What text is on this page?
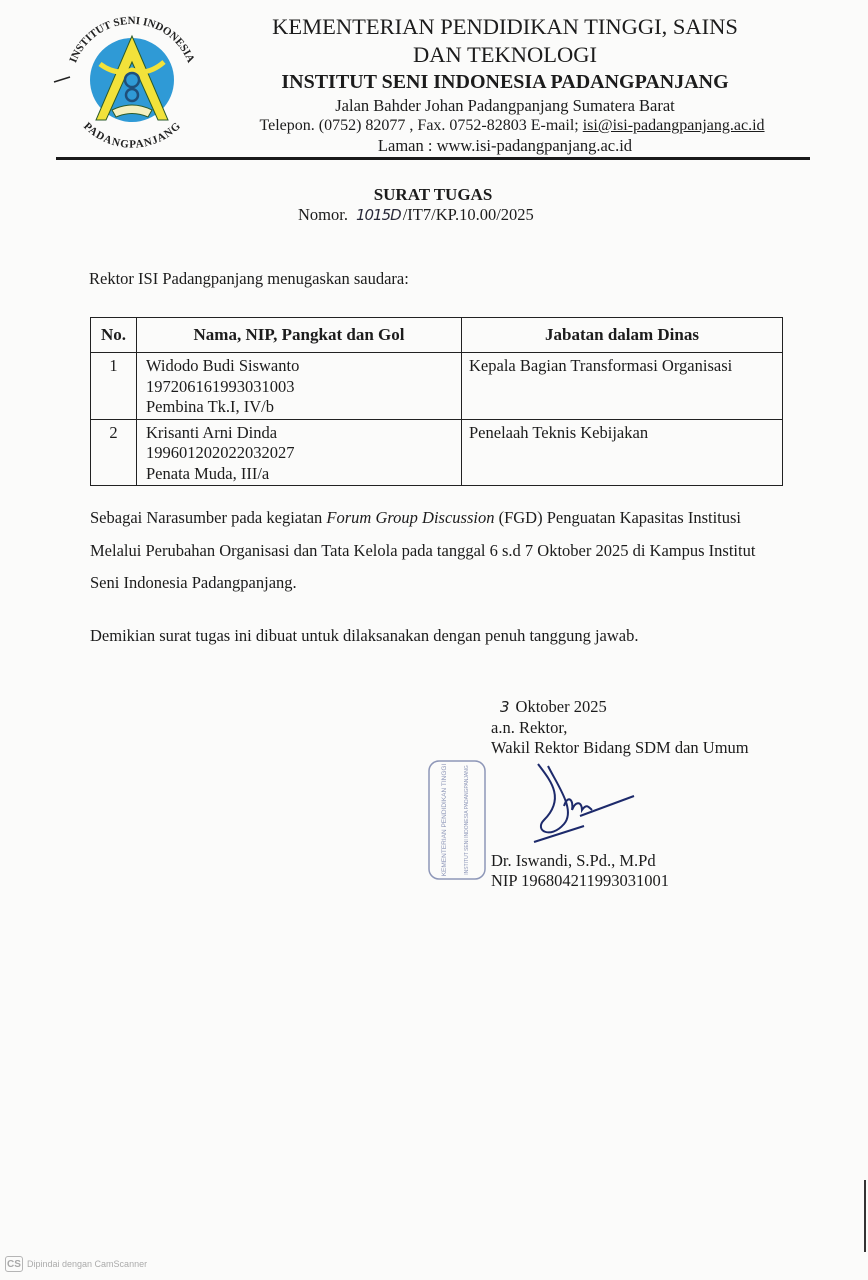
INSTITUT SENI INDONESIA
PADANGPANJANG
KEMENTERIAN PENDIDIKAN TINGGI, SAINS
DAN TEKNOLOGI
INSTITUT SENI INDONESIA PADANGPANJANG
Jalan Bahder Johan Padangpanjang Sumatera Barat
Telepon. (0752) 82077 , Fax. 0752-82803 E-mail; isi@isi-padangpanjang.ac.id
Laman : www.isi-padangpanjang.ac.id
SURAT TUGAS
Nomor. 1015D /IT7/KP.10.00/2025
Rektor ISI Padangpanjang menugaskan saudara:
No.	Nama, NIP, Pangkat dan Gol	Jabatan dalam Dinas
1	Widodo Budi Siswanto
197206161993031003
Pembina Tk.I, IV/b	Kepala Bagian Transformasi Organisasi
2	Krisanti Arni Dinda
199601202022032027
Penata Muda, III/a	Penelaah Teknis Kebijakan
Sebagai Narasumber pada kegiatan Forum Group Discussion (FGD) Penguatan Kapasitas Institusi
Melalui Perubahan Organisasi dan Tata Kelola pada tanggal 6 s.d 7 Oktober 2025 di Kampus Institut
Seni Indonesia Padangpanjang.
Demikian surat tugas ini dibuat untuk dilaksanakan dengan penuh tanggung jawab.
KEMENTERIAN PENDIDIKAN TINGGI	INSTITUT SENI INDONESIA PADANGPANJANG
3 Oktober 2025
a.n. Rektor,
Wakil Rektor Bidang SDM dan Umum
Dr. Iswandi, S.Pd., M.Pd
NIP 196804211993031001
CS Dipindai dengan CamScanner
